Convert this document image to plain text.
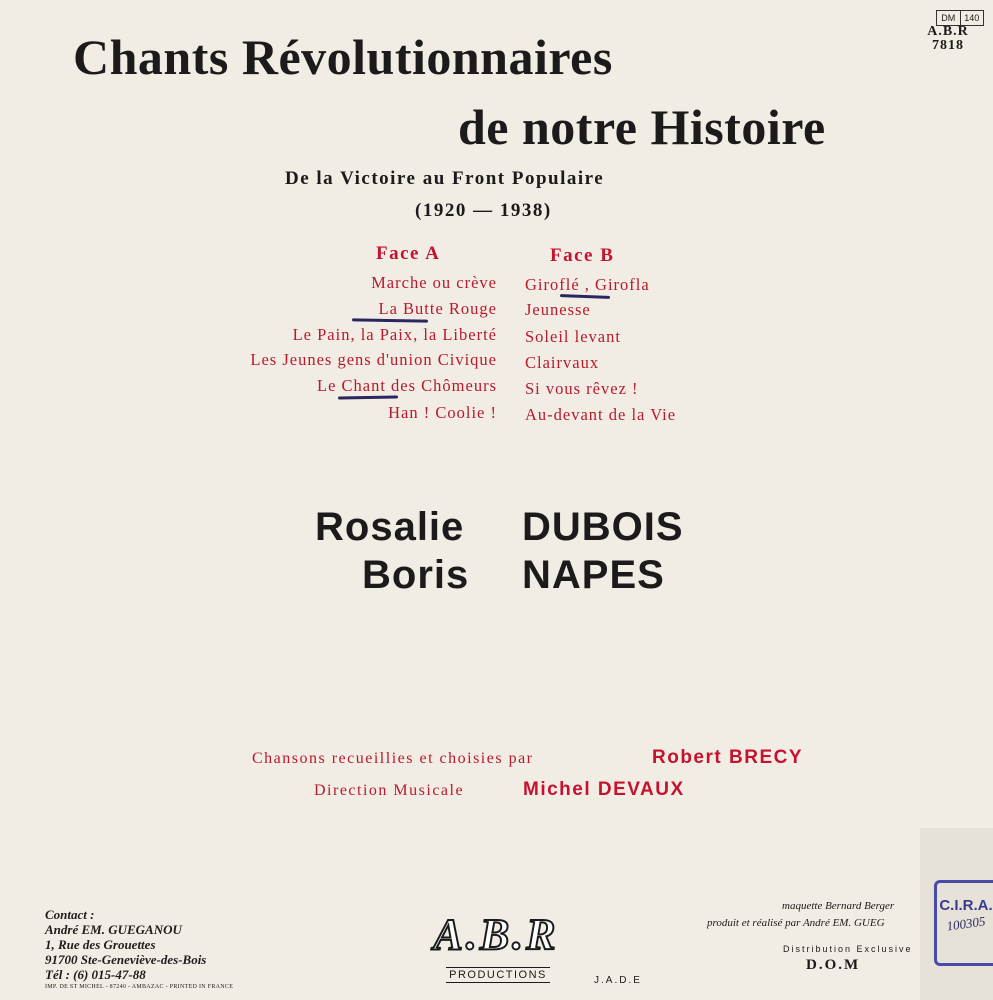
DM 140
A.B.R
7818
Chants Révolutionnaires
de notre Histoire
De la Victoire au Front Populaire
(1920 — 1938)
Face A	Face B
Marche ou crève
La Butte Rouge
Le Pain, la Paix, la Liberté
Les Jeunes gens d'union Civique
Le Chant des Chômeurs
Han ! Coolie !
Giroflé , Girofla
Jeunesse
Soleil levant
Clairvaux
Si vous rêvez !
Au-devant de la Vie
Rosalie DUBOIS
Boris NAPES
Chansons recueillies et choisies par	Robert BRECY
Direction Musicale	Michel DEVAUX
Contact :
André EM. GUEGANOU
1, Rue des Grouettes
91700 Ste-Geneviève-des-Bois
Tél : (6) 015-47-88
IMP. DE ST MICHEL - 87240 - AMBAZAC - PRINTED IN FRANCE
A.B.R
PRODUCTIONS	J.A.D.E
maquette Bernard Berger
produit et réalisé par André EM. GUEG
Distribution Exclusive
D.O.M
C.I.R.A.
100305
